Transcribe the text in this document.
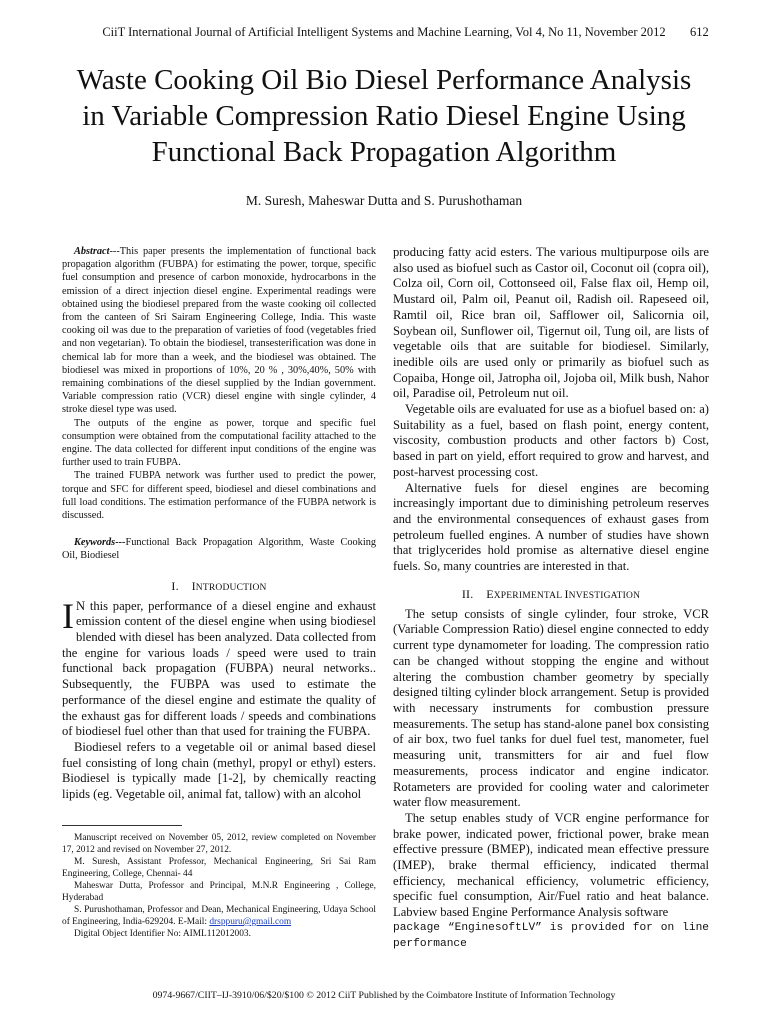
CiiT International Journal of Artificial Intelligent Systems and Machine Learning, Vol 4, No 11, November 2012	612
Waste Cooking Oil Bio Diesel Performance Analysis
in Variable Compression Ratio Diesel Engine Using
Functional Back Propagation Algorithm
M. Suresh, Maheswar Dutta and S. Purushothaman

Abstract---This paper presents the implementation of functional back propagation algorithm (FUBPA) for estimating the power, torque, specific fuel consumption and presence of carbon monoxide, hydrocarbons in the emission of a direct injection diesel engine. Experimental readings were obtained using the biodiesel prepared from the waste cooking oil collected from the canteen of Sri Sairam Engineering College, India. This waste cooking oil was due to the preparation of varieties of food (vegetables fried and non vegetarian). To obtain the biodiesel, transesterification was done in chemical lab for more than a week, and the biodiesel was obtained. The biodiesel was mixed in proportions of 10%, 20 % , 30%,40%, 50% with remaining combinations of the diesel supplied by the Indian government. Variable compression ratio (VCR) diesel engine with single cylinder, 4 stroke diesel type was used.

The outputs of the engine as power, torque and specific fuel consumption were obtained from the computational facility attached to the engine. The data collected for different input conditions of the engine was further used to train FUBPA.

The trained FUBPA network was further used to predict the power, torque and SFC for different speed, biodiesel and diesel combinations and full load conditions. The estimation performance of the FUBPA network is discussed.

Keywords---Functional Back Propagation Algorithm, Waste Cooking Oil, Biodiesel

I. INTRODUCTION

I N this paper, performance of a diesel engine and exhaust emission content of the diesel engine when using biodiesel blended with diesel has been analyzed. Data collected from the engine for various loads / speed were used to train functional back propagation (FUBPA) neural networks.. Subsequently, the FUBPA was used to estimate the performance of the diesel engine and estimate the quality of the exhaust gas for different loads / speeds and combinations of biodiesel fuel other than that used for training the FUBPA.

Biodiesel refers to a vegetable oil or animal based diesel fuel consisting of long chain (methyl, propyl or ethyl) esters. Biodiesel is typically made [1-2], by chemically reacting lipids (eg. Vegetable oil, animal fat, tallow) with an alcohol

Manuscript received on November 05, 2012, review completed on November 17, 2012 and revised on November 27, 2012.

M. Suresh, Assistant Professor, Mechanical Engineering, Sri Sai Ram Engineering, College, Chennai- 44

Maheswar Dutta, Professor and Principal, M.N.R Engineering , College, Hyderabad

S. Purushothaman, Professor and Dean, Mechanical Engineering, Udaya School of Engineering, India-629204. E-Mail: drsppuru@gmail.com

Digital Object Identifier No: AIML112012003.

producing fatty acid esters. The various multipurpose oils are also used as biofuel such as Castor oil, Coconut oil (copra oil), Colza oil, Corn oil, Cottonseed oil, False flax oil, Hemp oil, Mustard oil, Palm oil, Peanut oil, Radish oil. Rapeseed oil, Ramtil oil, Rice bran oil, Safflower oil, Salicornia oil, Soybean oil, Sunflower oil, Tigernut oil, Tung oil, are lists of vegetable oils that are suitable for biodiesel. Similarly, inedible oils are used only or primarily as biofuel such as Copaiba, Honge oil, Jatropha oil, Jojoba oil, Milk bush, Nahor oil, Paradise oil, Petroleum nut oil.

Vegetable oils are evaluated for use as a biofuel based on: a) Suitability as a fuel, based on flash point, energy content, viscosity, combustion products and other factors b) Cost, based in part on yield, effort required to grow and harvest, and post-harvest processing cost.

Alternative fuels for diesel engines are becoming increasingly important due to diminishing petroleum reserves and the environmental consequences of exhaust gases from petroleum fuelled engines. A number of studies have shown that triglycerides hold promise as alternative diesel engine fuels. So, many countries are interested in that.

II. EXPERIMENTAL INVESTIGATION

The setup consists of single cylinder, four stroke, VCR (Variable Compression Ratio) diesel engine connected to eddy current type dynamometer for loading. The compression ratio can be changed without stopping the engine and without altering the combustion chamber geometry by specially designed tilting cylinder block arrangement. Setup is provided with necessary instruments for combustion pressure measurements. The setup has stand-alone panel box consisting of air box, two fuel tanks for duel fuel test, manometer, fuel measuring unit, transmitters for air and fuel flow measurements, process indicator and engine indicator. Rotameters are provided for cooling water and calorimeter water flow measurement.

The setup enables study of VCR engine performance for brake power, indicated power, frictional power, brake mean effective pressure (BMEP), indicated mean effective pressure (IMEP), brake thermal efficiency, indicated thermal efficiency, mechanical efficiency, volumetric efficiency, specific fuel consumption, Air/Fuel ratio and heat balance. Labview based Engine Performance Analysis software

package “EnginesoftLV” is provided for on line performance

0974-9667/CIIT–IJ-3910/06/$20/$100 © 2012 CiiT Published by the Coimbatore Institute of Information Technology
